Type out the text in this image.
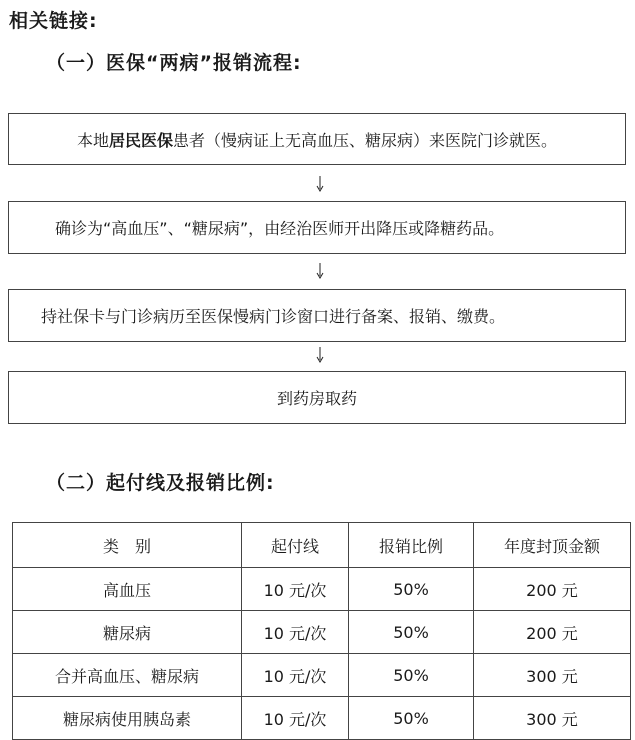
相关链接:
（一）医保“两病”报销流程:
本地 居民医保 患者（慢病证上无高血压、糖尿病）来医院门诊就医。
确诊为“高血压”、“糖尿病”，由经治医师开出降压或降糖药品。
持社保卡与门诊病历至医保慢病门诊窗口进行备案、报销、缴费。
到药房取药
（二）起付线及报销比例:
类　别	起付线	报销比例	年度封顶金额
高血压	10 元/次	50%	200 元
糖尿病	10 元/次	50%	200 元
合并高血压、糖尿病	10 元/次	50%	300 元
糖尿病使用胰岛素	10 元/次	50%	300 元
